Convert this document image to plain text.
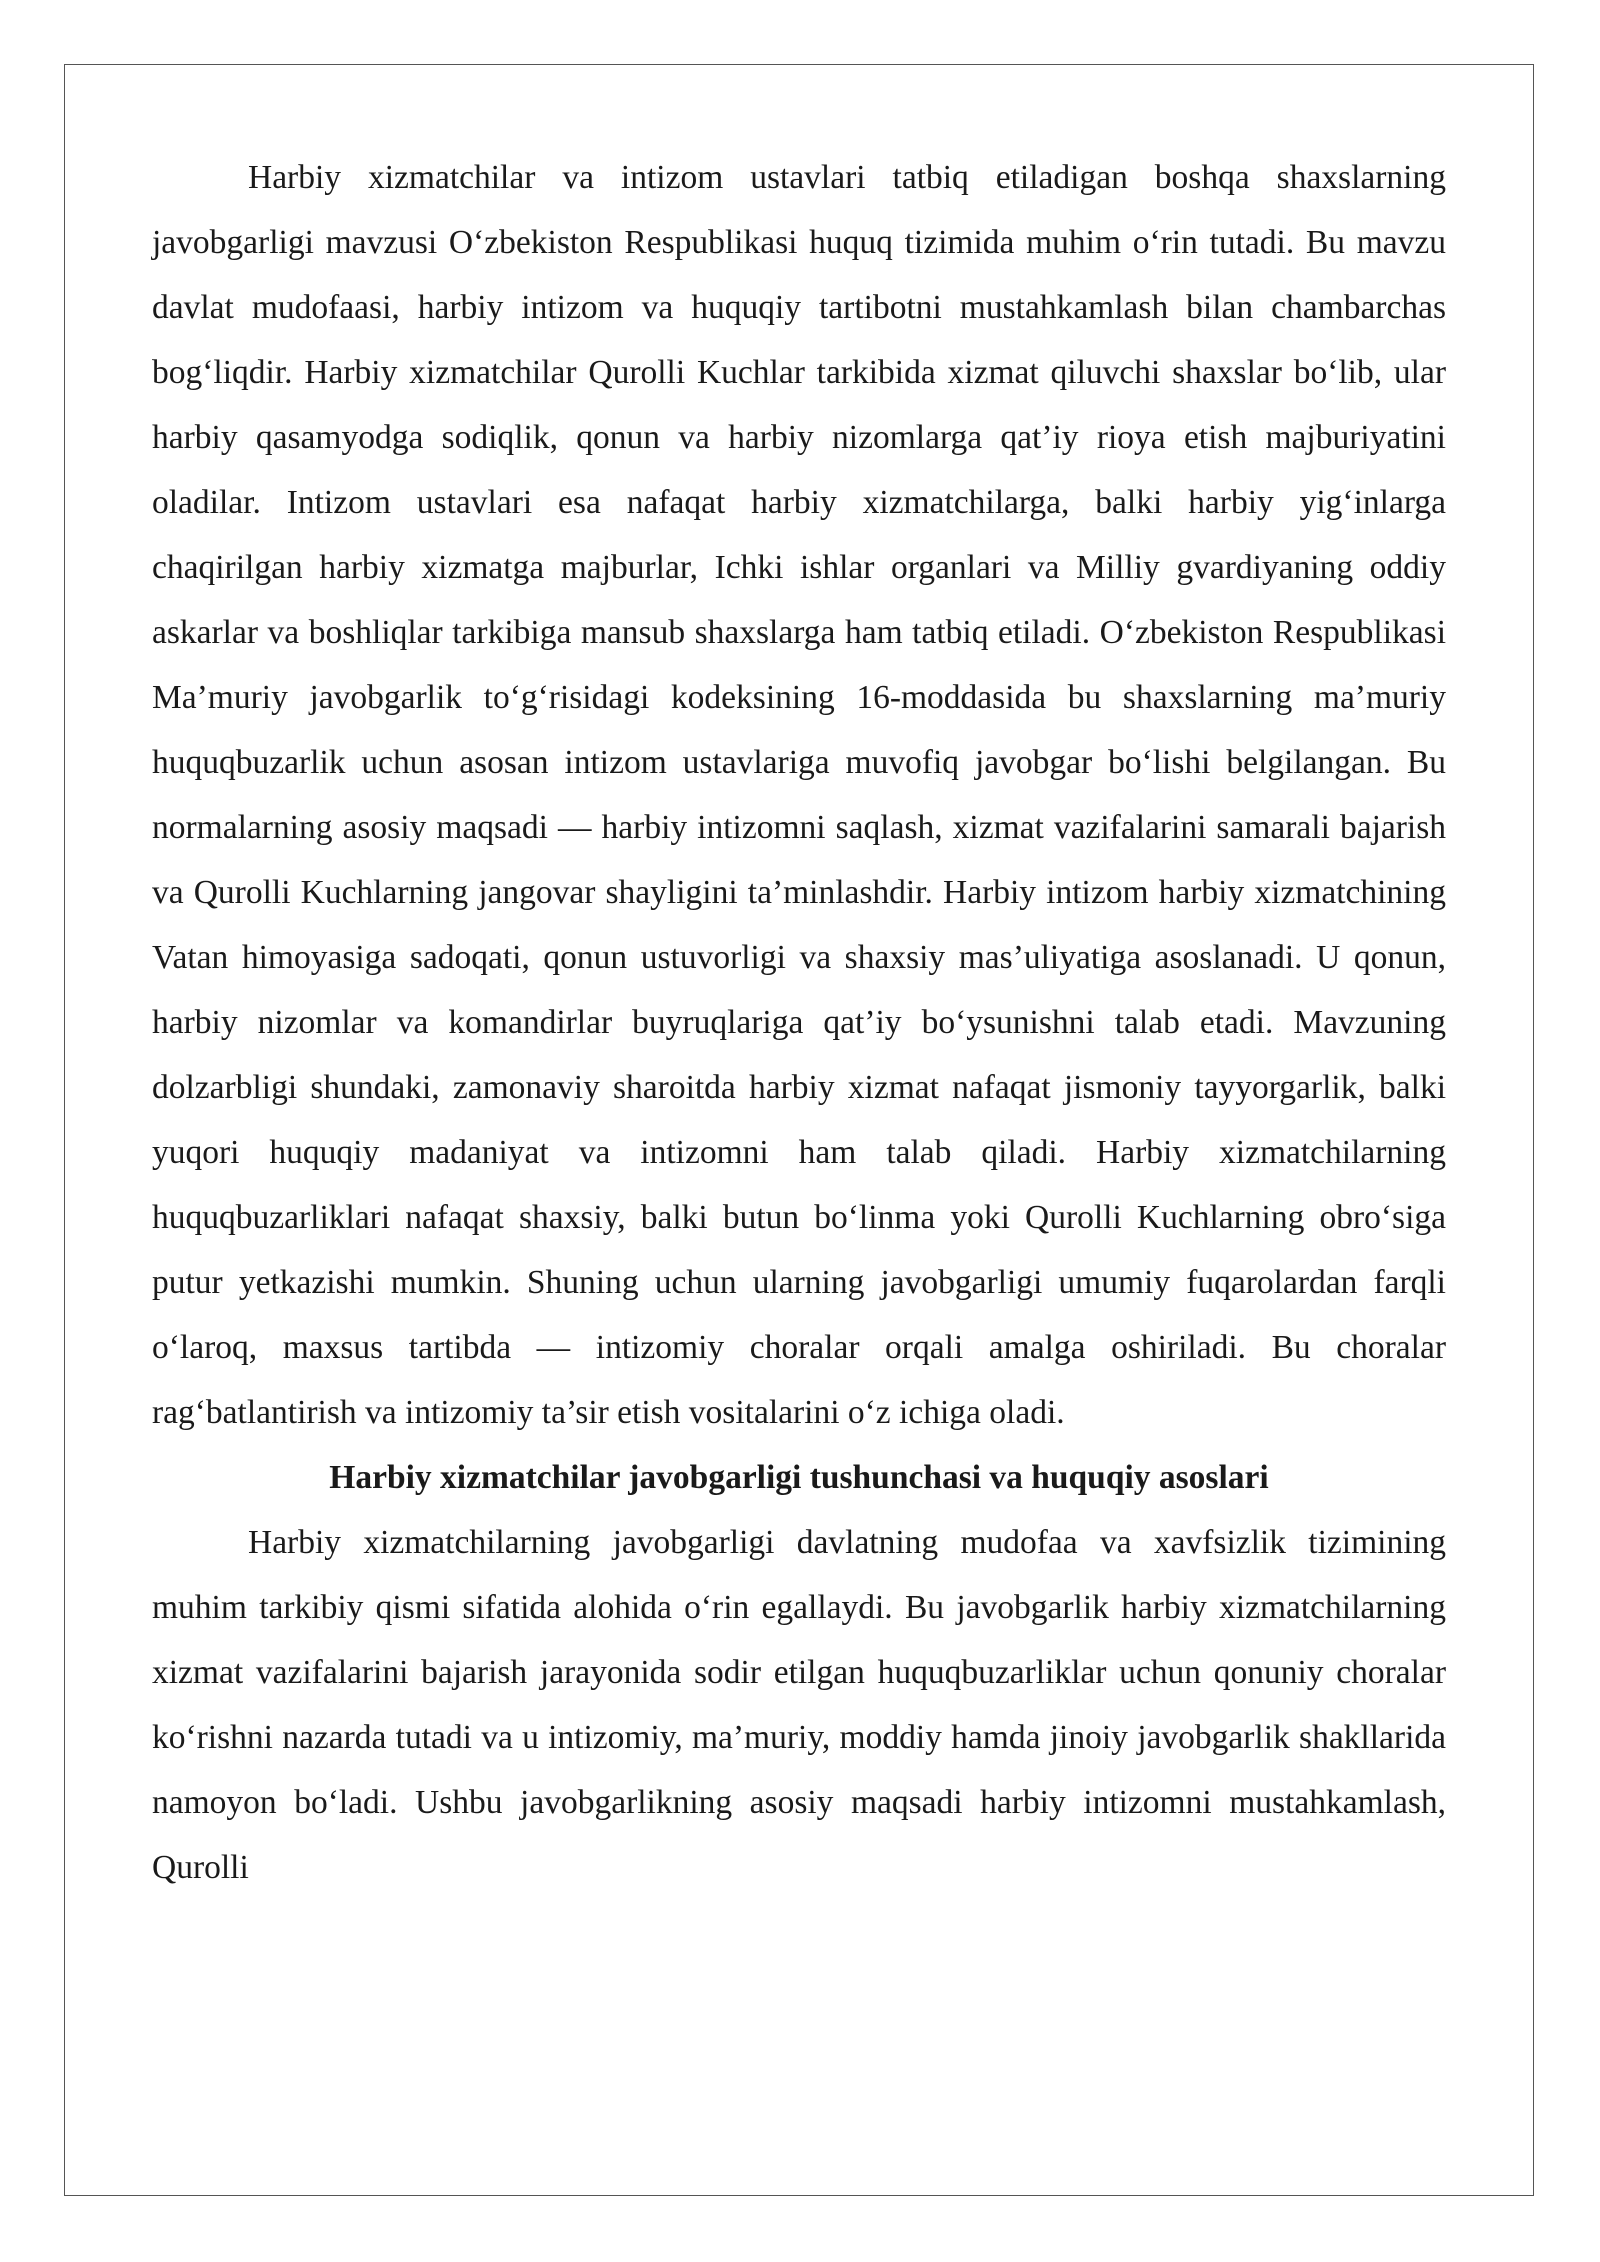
Harbiy xizmatchilar va intizom ustavlari tatbiq etiladigan boshqa shaxslarning javobgarligi mavzusi O‘zbekiston Respublikasi huquq tizimida muhim o‘rin tutadi. Bu mavzu davlat mudofaasi, harbiy intizom va huquqiy tartibotni mustahkamlash bilan chambarchas bog‘liqdir. Harbiy xizmatchilar Qurolli Kuchlar tarkibida xizmat qiluvchi shaxslar bo‘lib, ular harbiy qasamyodga sodiqlik, qonun va harbiy nizomlarga qat’iy rioya etish majburiyatini oladilar. Intizom ustavlari esa nafaqat harbiy xizmatchilarga, balki harbiy yig‘inlarga chaqirilgan harbiy xizmatga majburlar, Ichki ishlar organlari va Milliy gvardiyaning oddiy askarlar va boshliqlar tarkibiga mansub shaxslarga ham tatbiq etiladi. O‘zbekiston Respublikasi Ma’muriy javobgarlik to‘g‘risidagi kodeksining 16-moddasida bu shaxslarning ma’muriy huquqbuzarlik uchun asosan intizom ustavlariga muvofiq javobgar bo‘lishi belgilangan. Bu normalarning asosiy maqsadi — harbiy intizomni saqlash, xizmat vazifalarini samarali bajarish va Qurolli Kuchlarning jangovar shayligini ta’minlashdir. Harbiy intizom harbiy xizmatchining Vatan himoyasiga sadoqati, qonun ustuvorligi va shaxsiy mas’uliyatiga asoslanadi. U qonun, harbiy nizomlar va komandirlar buyruqlariga qat’iy bo‘ysunishni talab etadi. Mavzuning dolzarbligi shundaki, zamonaviy sharoitda harbiy xizmat nafaqat jismoniy tayyorgarlik, balki yuqori huquqiy madaniyat va intizomni ham talab qiladi. Harbiy xizmatchilarning huquqbuzarliklari nafaqat shaxsiy, balki butun bo‘linma yoki Qurolli Kuchlarning obro‘siga putur yetkazishi mumkin. Shuning uchun ularning javobgarligi umumiy fuqarolardan farqli o‘laroq, maxsus tartibda — intizomiy choralar orqali amalga oshiriladi. Bu choralar rag‘batlantirish va intizomiy ta’sir etish vositalarini o‘z ichiga oladi.

Harbiy xizmatchilar javobgarligi tushunchasi va huquqiy asoslari

Harbiy xizmatchilarning javobgarligi davlatning mudofaa va xavfsizlik tizimining muhim tarkibiy qismi sifatida alohida o‘rin egallaydi. Bu javobgarlik harbiy xizmatchilarning xizmat vazifalarini bajarish jarayonida sodir etilgan huquqbuzarliklar uchun qonuniy choralar ko‘rishni nazarda tutadi va u intizomiy, ma’muriy, moddiy hamda jinoiy javobgarlik shakllarida namoyon bo‘ladi. Ushbu javobgarlikning asosiy maqsadi harbiy intizomni mustahkamlash, Qurolli
